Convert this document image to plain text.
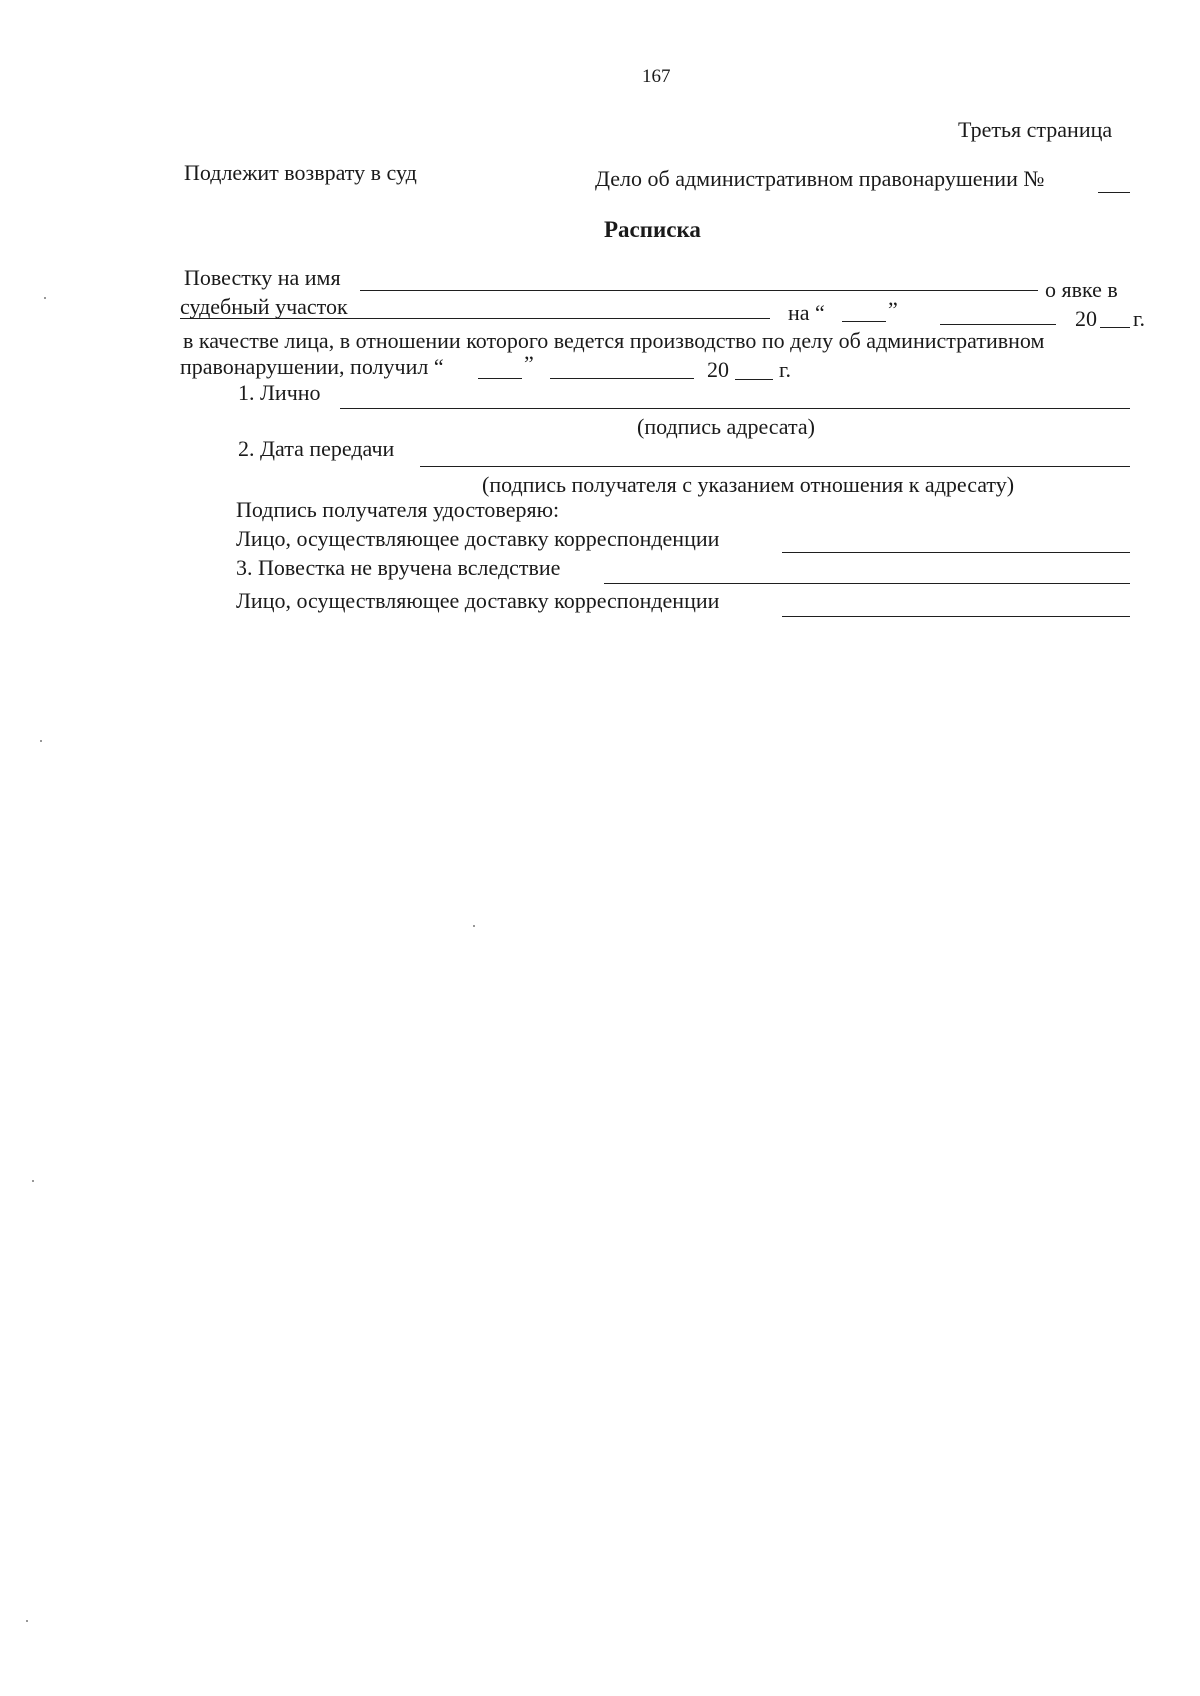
167
Третья страница
Подлежит возврату в суд	Дело об административном правонарушении №
Расписка
Повестку на имя	о явке в
судебный участок	на “	”	20 г.
в качестве лица, в отношении которого ведется производство по делу об административном
правонарушении, получил “	”	20 г.
1. Лично
(подпись адресата)
2. Дата передачи
(подпись получателя с указанием отношения к адресату)
Подпись получателя удостоверяю:
Лицо, осуществляющее доставку корреспонденции
3. Повестка не вручена вследствие
Лицо, осуществляющее доставку корреспонденции
